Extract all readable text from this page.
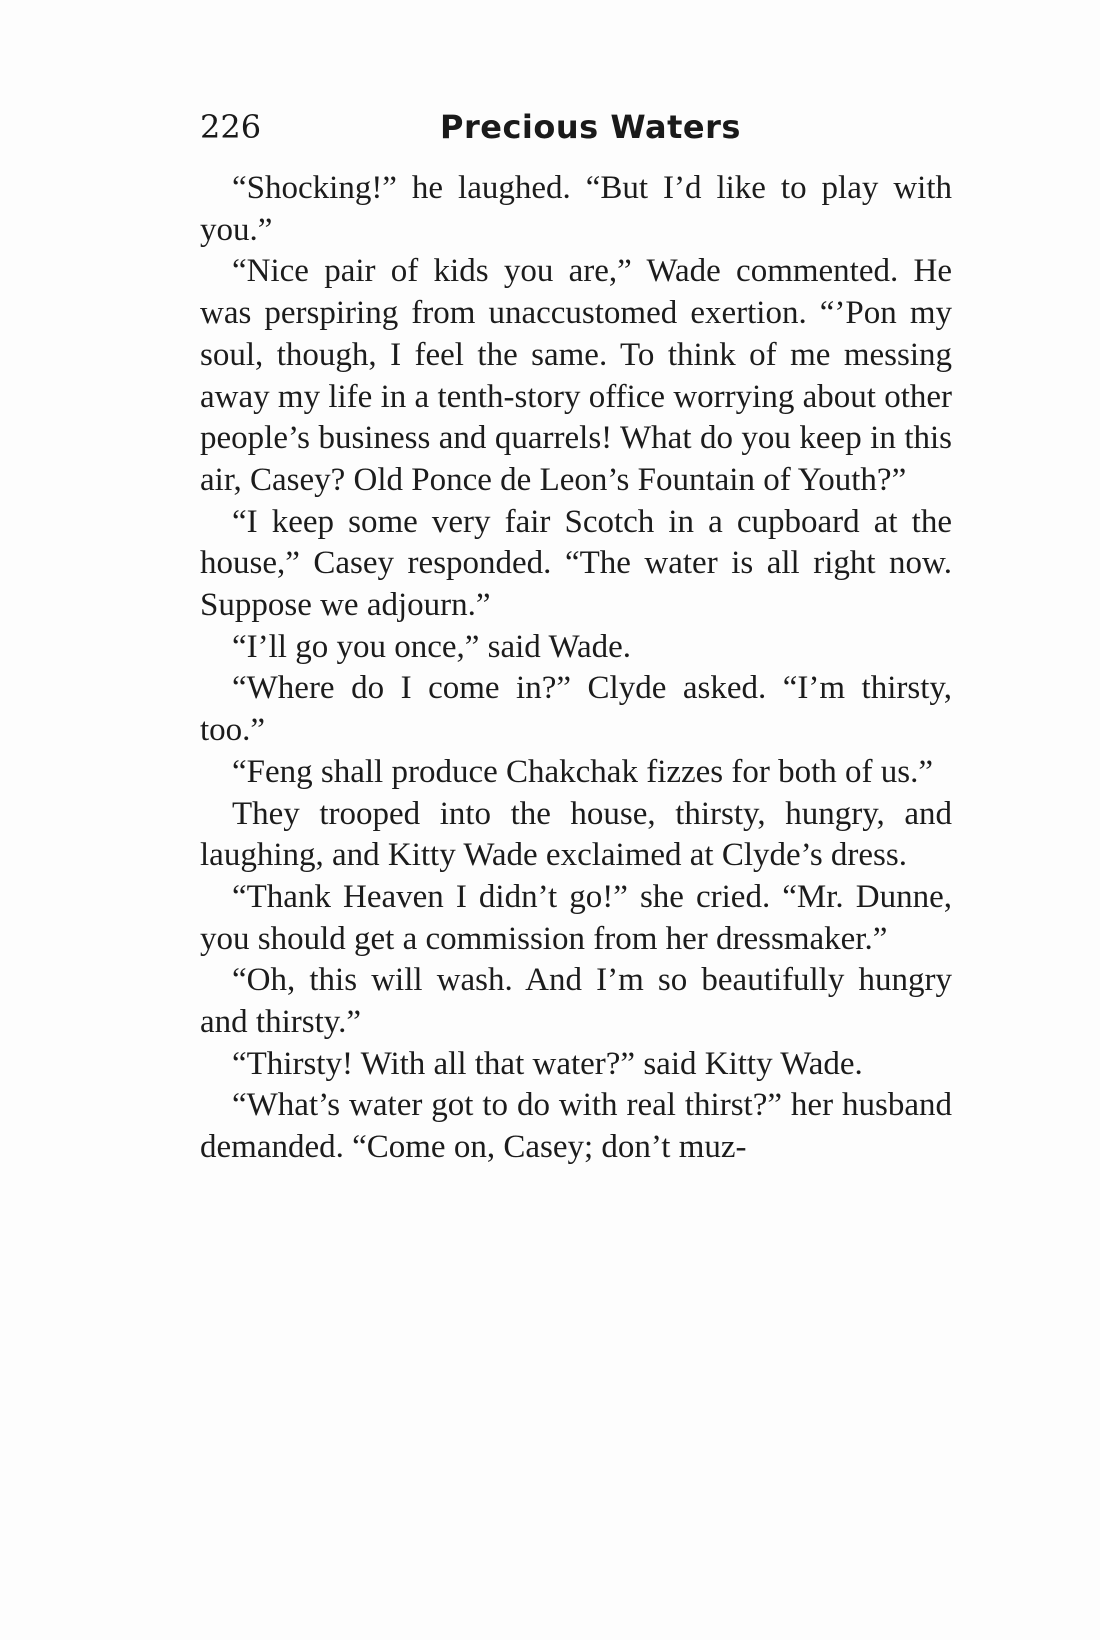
226	Precious Waters

“Shocking!” he laughed. “But I’d like to play with you.”

“Nice pair of kids you are,” Wade commented. He was perspiring from unaccustomed exertion. “’Pon my soul, though, I feel the same. To think of me messing away my life in a tenth-story office worrying about other people’s business and quarrels! What do you keep in this air, Casey? Old Ponce de Leon’s Fountain of Youth?”

“I keep some very fair Scotch in a cupboard at the house,” Casey responded. “The water is all right now. Suppose we adjourn.”

“I’ll go you once,” said Wade.

“Where do I come in?” Clyde asked. “I’m thirsty, too.”

“Feng shall produce Chakchak fizzes for both of us.”

They trooped into the house, thirsty, hungry, and laughing, and Kitty Wade exclaimed at Clyde’s dress.

“Thank Heaven I didn’t go!” she cried. “Mr. Dunne, you should get a commission from her dressmaker.”

“Oh, this will wash. And I’m so beautifully hungry and thirsty.”

“Thirsty! With all that water?” said Kitty Wade.

“What’s water got to do with real thirst?” her husband demanded. “Come on, Casey; don’t muz-
